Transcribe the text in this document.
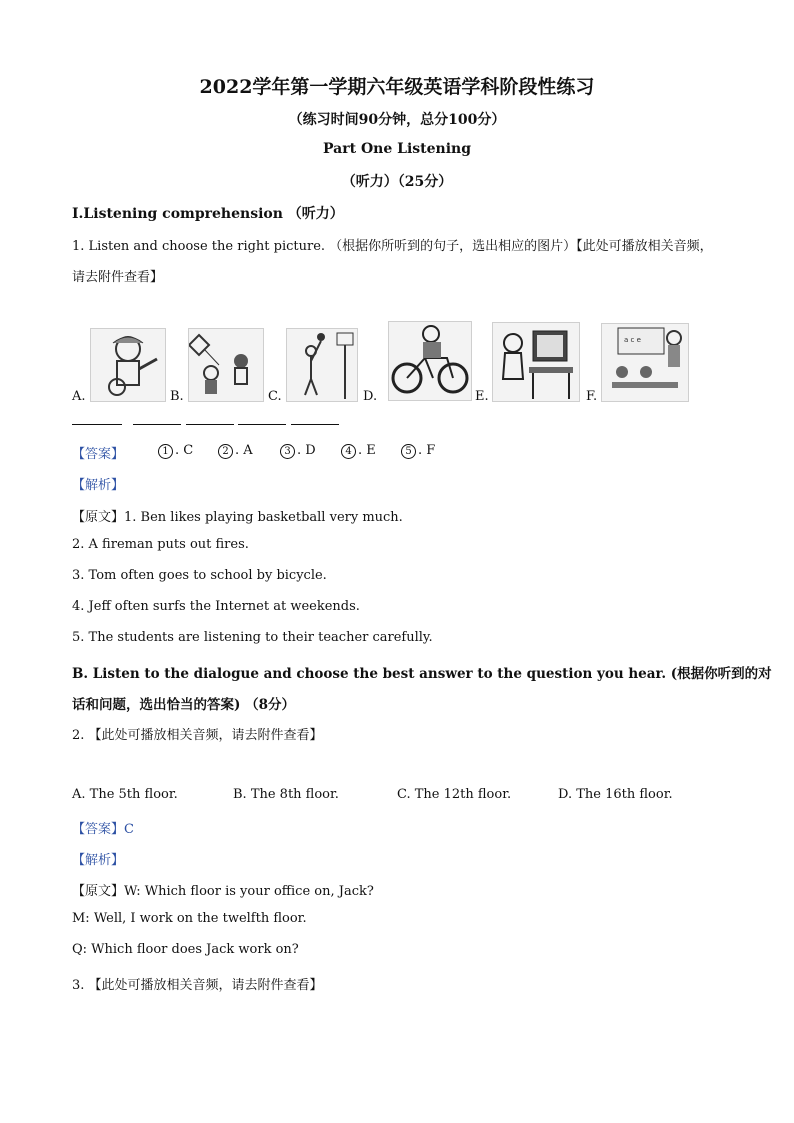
2022学年第一学期六年级英语学科阶段性练习
（练习时间90分钟，总分100分）
Part One Listening
（听力）（25分）
I.Listening comprehension （听力）
1. Listen and choose the right picture. （根据你所听到的句子，选出相应的图片）【此处可播放相关音频，
请去附件查看】
a c e
A.	B.	C.	D.	E.	F.
【答案】	1 . C	2 . A	3 . D	4 . E	5 . F
【解析】
【原文】1. Ben likes playing basketball very much.
2. A fireman puts out fires.
3. Tom often goes to school by bicycle.
4. Jeff often surfs the Internet at weekends.
5. The students are listening to their teacher carefully.
B. Listen to the dialogue and choose the best answer to the question you hear. (根据你听到的对
话和问题，选出恰当的答案) （8分）
2. 【此处可播放相关音频，请去附件查看】
A. The 5th floor.	B. The 8th floor.	C. The 12th floor.	D. The 16th floor.
【答案】C
【解析】
【原文】W: Which floor is your office on, Jack?
M: Well, I work on the twelfth floor.
Q: Which floor does Jack work on?
3. 【此处可播放相关音频，请去附件查看】
